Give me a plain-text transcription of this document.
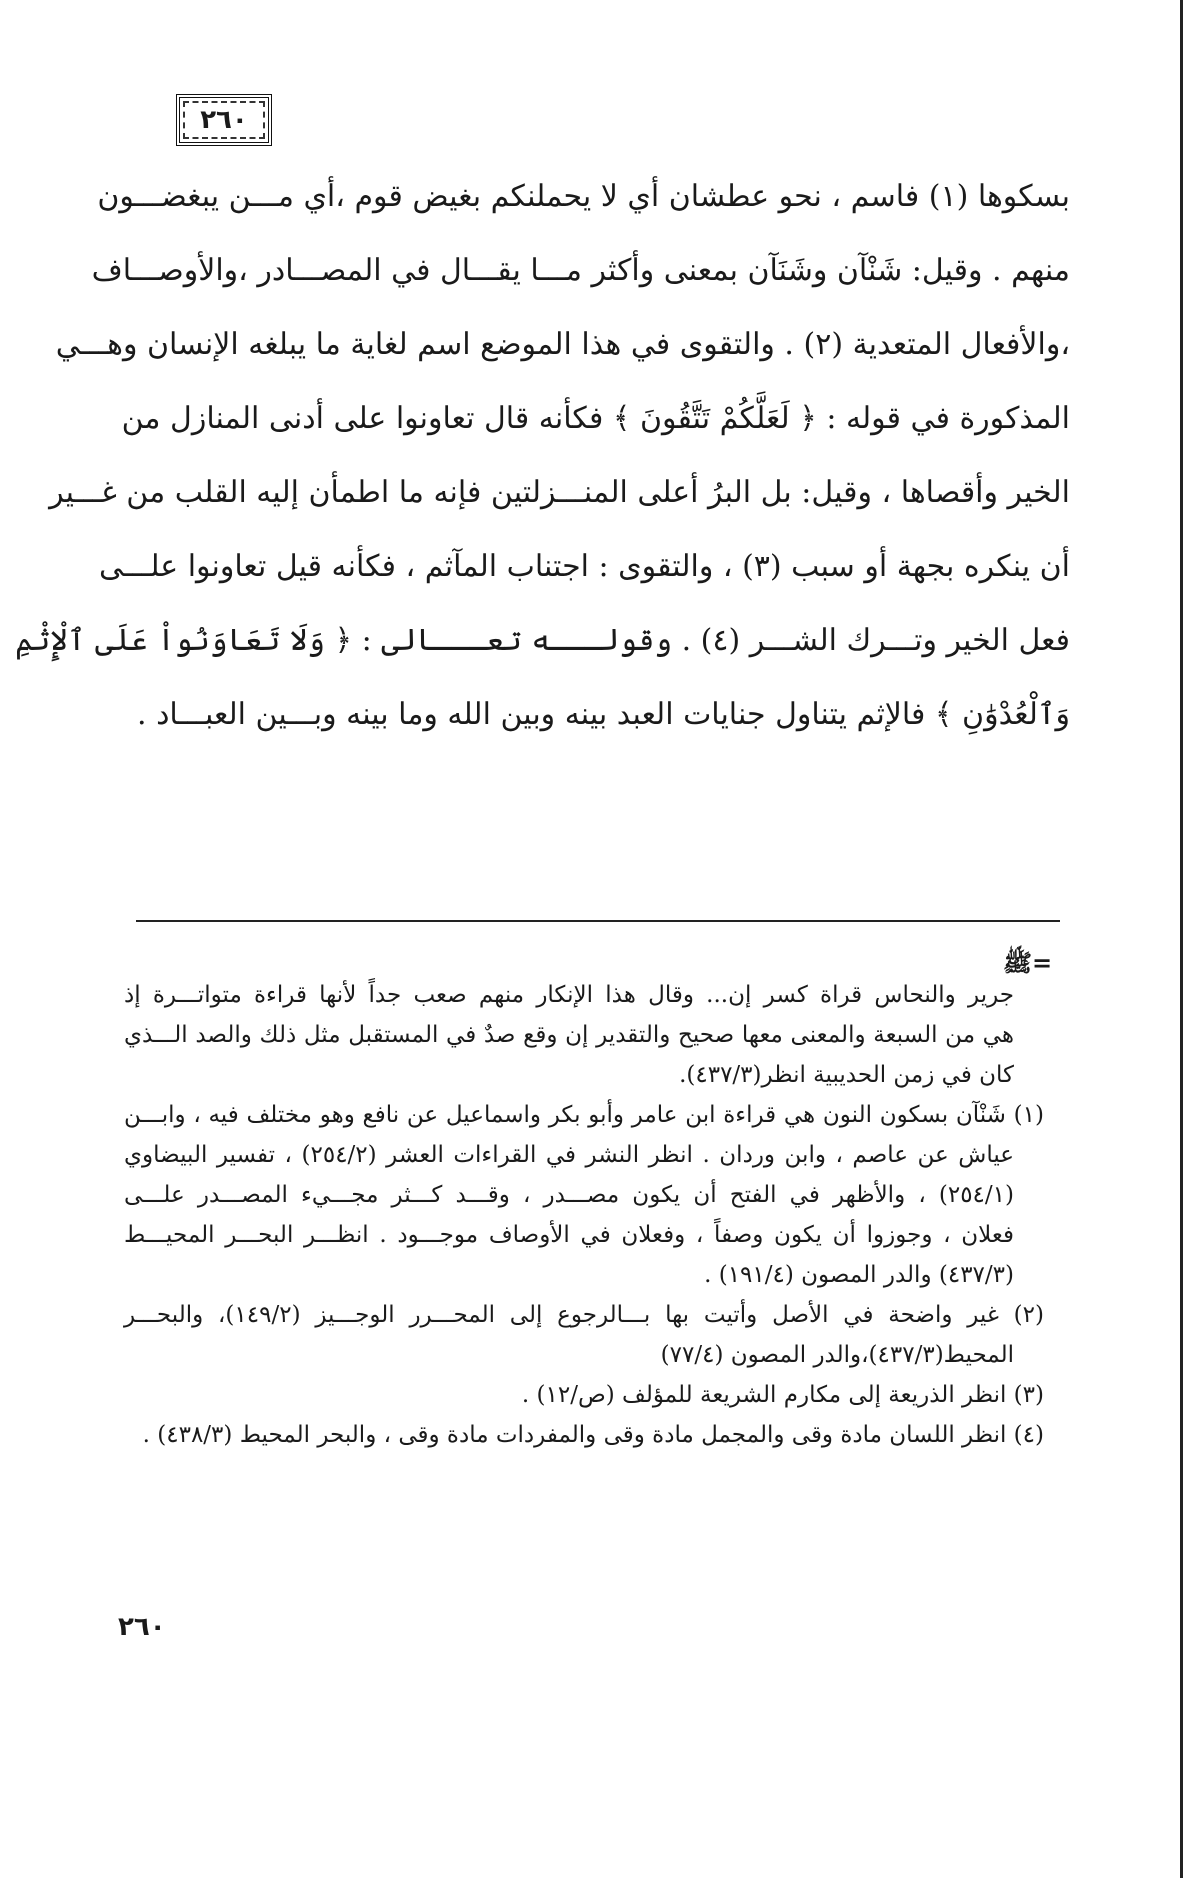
٢٦٠
بسكوها (١) فاسم ، نحو عطشان أي لا يحملنكم بغيض قوم ،أي مـــن يبغضـــون
منهم . وقيل: شَنْآن وشَنَآن بمعنى وأكثر مـــا يقـــال في المصـــادر ،والأوصـــاف
،والأفعال المتعدية (٢) . والتقوى في هذا الموضع اسم لغاية ما يبلغه الإنسان وهـــي
المذكورة في قوله : ﴿ لَعَلَّكُمْ تَتَّقُونَ ﴾ فكأنه قال تعاونوا على أدنى المنازل من
الخير وأقصاها ، وقيل: بل البرُ أعلى المنـــزلتين فإنه ما اطمأن إليه القلب من غـــير
أن ينكره بجهة أو سبب (٣) ، والتقوى : اجتناب المآثم ، فكأنه قيل تعاونوا علـــى
فعل الخير وتـــرك الشـــر (٤) . وقولـــه تعـــالى : ﴿ وَلَا تَعَاوَنُواْ عَلَى ٱلْإِثْمِ
وَٱلْعُدْوَٰنِ ﴾ فالإثم يتناول جنايات العبد بينه وبين الله وما بينه وبـــين العبـــاد .
ﷺ=
جرير والنحاس قراة كسر إن... وقال هذا الإنكار منهم صعب جداً لأنها قراءة متواتـــرة إذ
هي من السبعة والمعنى معها صحيح والتقدير إن وقع صدٌ في المستقبل مثل ذلك والصد الـــذي
كان في زمن الحديبية انظر(٤٣٧/٣).
(١) شَنْآن بسكون النون هي قراءة ابن عامر وأبو بكر واسماعيل عن نافع وهو مختلف فيه ، وابـــن
عياش عن عاصم ، وابن وردان . انظر النشر في القراءات العشر (٢٥٤/٢) ، تفسير البيضاوي
(٢٥٤/١) ، والأظهر في الفتح أن يكون مصـــدر ، وقـــد كـــثر مجـــيء المصـــدر علـــى
فعلان ، وجوزوا أن يكون وصفاً ، وفعلان في الأوصاف موجـــود . انظـــر البحـــر المحيـــط
(٤٣٧/٣) والدر المصون (١٩١/٤) .
(٢) غير واضحة في الأصل وأتيت بها بـــالرجوع إلى المحـــرر الوجـــيز (١٤٩/٢)، والبحـــر
المحيط(٤٣٧/٣)،والدر المصون (٧٧/٤)
(٣) انظر الذريعة إلى مكارم الشريعة للمؤلف (ص/١٢) .
(٤) انظر اللسان مادة وقى والمجمل مادة وقى والمفردات مادة وقى ، والبحر المحيط (٤٣٨/٣) .
٢٦٠
